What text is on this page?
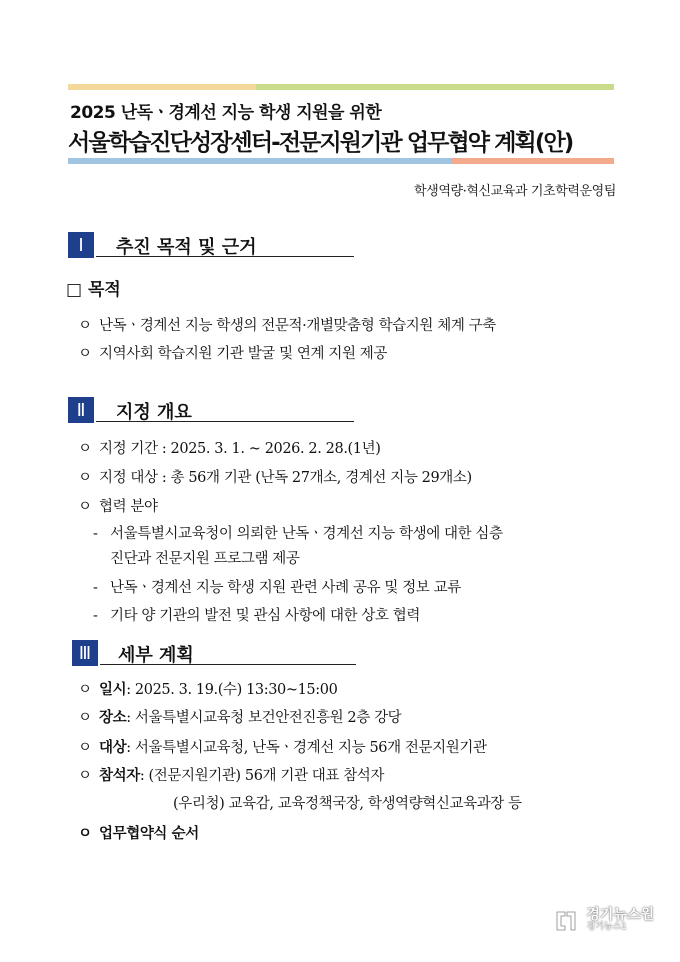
2025 난독ㆍ경계선 지능 학생 지원을 위한
서울학습진단성장센터-전문지원기관 업무협약 계획(안)
학생역량·혁신교육과 기초학력운영팀
Ⅰ	추진 목적 및 근거
□ 목적
ㅇ 난독ㆍ경계선 지능 학생의 전문적·개별맞춤형 학습지원 체계 구축
ㅇ 지역사회 학습지원 기관 발굴 및 연계 지원 제공
Ⅱ	지정 개요
ㅇ 지정 기간 : 2025. 3. 1. ~ 2026. 2. 28.(1년)
ㅇ 지정 대상 : 총 56개 기관 (난독 27개소, 경계선 지능 29개소)
ㅇ 협력 분야
- 서울특별시교육청이 의뢰한 난독ㆍ경계선 지능 학생에 대한 심층
진단과 전문지원 프로그램 제공
- 난독ㆍ경계선 지능 학생 지원 관련 사례 공유 및 정보 교류
- 기타 양 기관의 발전 및 관심 사항에 대한 상호 협력
Ⅲ	세부 계획
ㅇ 일시: 2025. 3. 19.(수) 13:30~15:00
ㅇ 장소: 서울특별시교육청 보건안전진흥원 2층 강당
ㅇ 대상: 서울특별시교육청, 난독ㆍ경계선 지능 56개 전문지원기관
ㅇ 참석자: (전문지원기관) 56개 기관 대표 참석자
(우리청) 교육감, 교육정책국장, 학생역량혁신교육과장 등
ㅇ 업무협약식 순서

경기뉴스원
경기뉴스1
